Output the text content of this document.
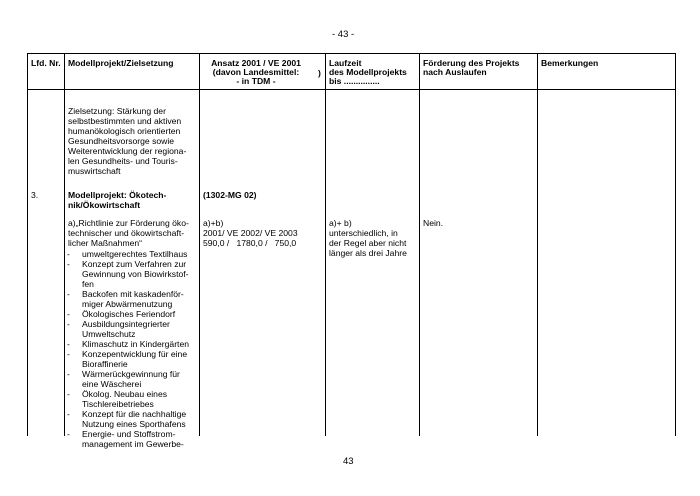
- 43 -
43
Lfd. Nr. Modellprojekt/Zielsetzung	Ansatz 2001 / VE 2001
(davon Landesmittel:
- in TDM -
)
Laufzeit
des Modellprojekts
bis ...............
Förderung des Projekts
nach Auslaufen
Bemerkungen
Zielsetzung: Stärkung der
selbstbestimmten und aktiven
humanökologisch orientierten
Gesundheitsvorsorge sowie
Weiterentwicklung der regiona-
len Gesundheits- und Touris-
muswirtschaft
3.	Modellprojekt: Ökotech-
nik/Ökowirtschaft
(1302-MG 02)
a)„Richtlinie zur Förderung öko-
technischer und ökowirtschaft-
licher Maßnahmen“
a)+b)
2001/ VE 2002/ VE 2003
590,0 /   1780,0 /   750,0
a)+ b)
unterschiedlich, in
der Regel aber nicht
länger als drei Jahre
Nein.
- umweltgerechtes Textilhaus
- Konzept zum Verfahren zur
Gewinnung von Biowirkstof-
fen
- Backofen mit kaskadenför-
miger Abwärmenutzung
- Ökologisches Feriendorf
- Ausbildungsintegrierter
Umweltschutz
- Klimaschutz in Kindergärten
- Konzepentwicklung für eine
Bioraffinerie
- Wärmerückgewinnung für
eine Wäscherei
- Ökolog. Neubau eines
Tischlereibetriebes
- Konzept für die nachhaltige
Nutzung eines Sporthafens
- Energie- und Stoffstrom-
management im Gewerbe-
